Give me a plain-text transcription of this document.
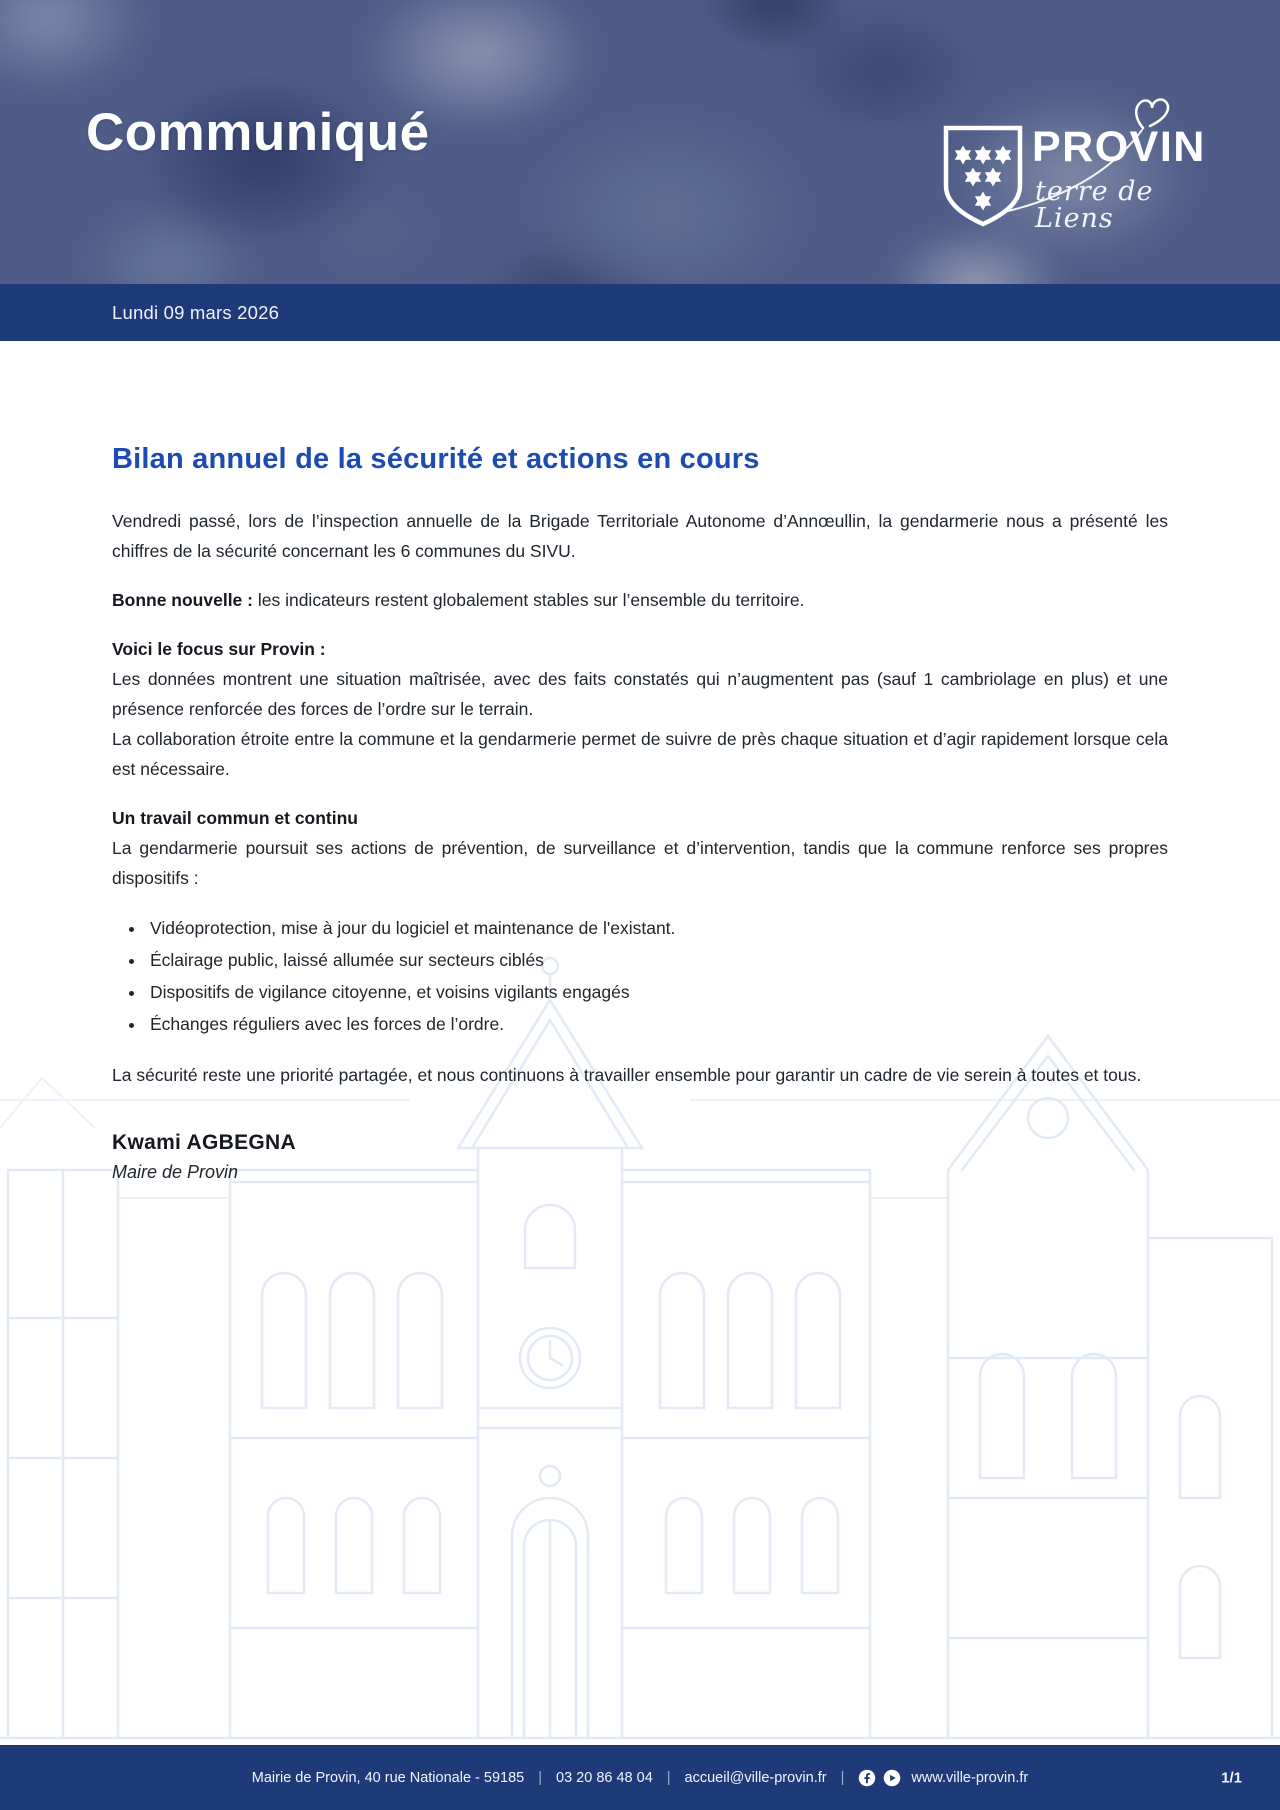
Communiqué	PROVIN
terre de Liens
Lundi 09 mars 2026
Bilan annuel de la sécurité et actions en cours

Vendredi passé, lors de l’inspection annuelle de la Brigade Territoriale Autonome d’Annœullin, la gendarmerie nous a présenté les chiffres de la sécurité concernant les 6 communes du SIVU.

Bonne nouvelle : les indicateurs restent globalement stables sur l’ensemble du territoire.

Voici le focus sur Provin :
Les données montrent une situation maîtrisée, avec des faits constatés qui n’augmentent pas (sauf 1 cambriolage en plus) et une présence renforcée des forces de l’ordre sur le terrain.
La collaboration étroite entre la commune et la gendarmerie permet de suivre de près chaque situation et d’agir rapidement lorsque cela est nécessaire.

Un travail commun et continu
La gendarmerie poursuit ses actions de prévention, de surveillance et d’intervention, tandis que la commune renforce ses propres dispositifs :

• Vidéoprotection, mise à jour du logiciel et maintenance de l'existant.
• Éclairage public, laissé allumée sur secteurs ciblés
• Dispositifs de vigilance citoyenne, et voisins vigilants engagés
• Échanges réguliers avec les forces de l’ordre.

La sécurité reste une priorité partagée, et nous continuons à travailler ensemble pour garantir un cadre de vie serein à toutes et tous.

Kwami AGBEGNA
Maire de Provin
Mairie de Provin, 40 rue Nationale - 59185 | 03 20 86 48 04 | accueil@ville-provin.fr |	www.ville-provin.fr	1/1
